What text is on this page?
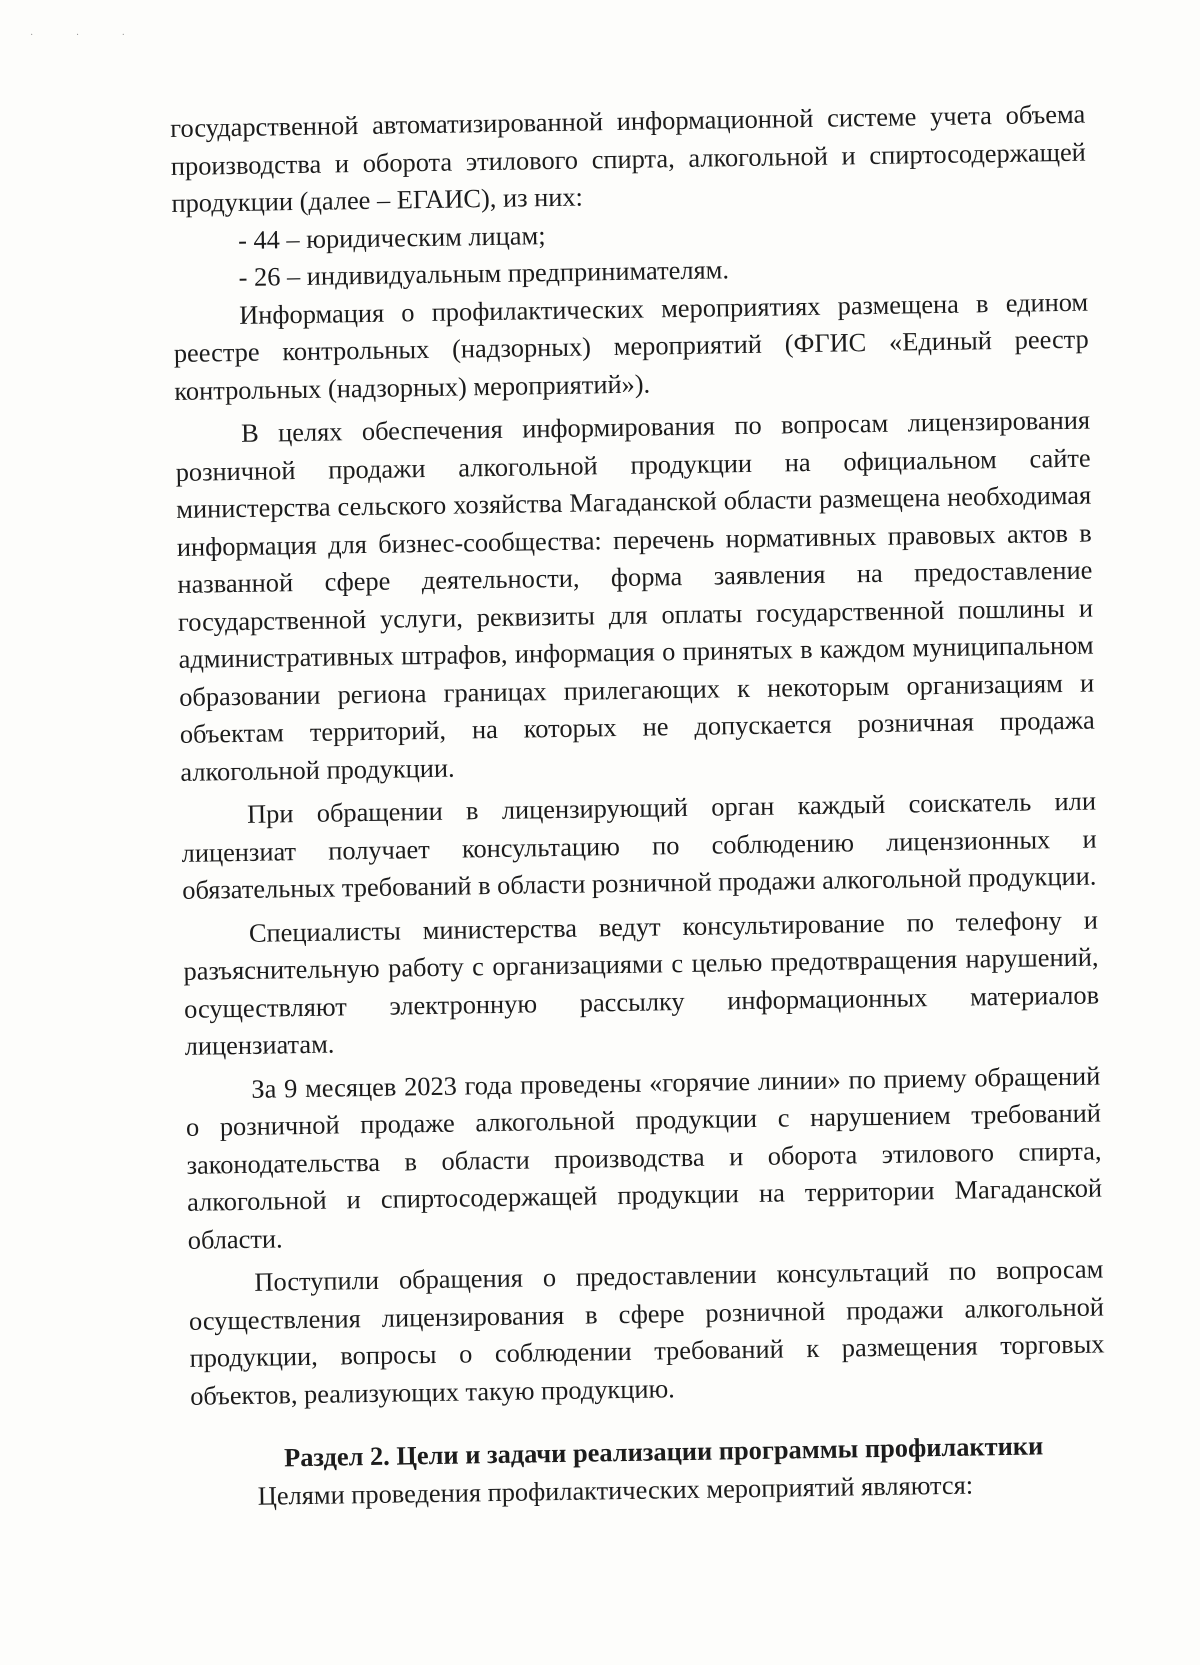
· · ·

государственной автоматизированной информационной системе учета объема производства и оборота этилового спирта, алкогольной и спиртосодержащей продукции (далее – ЕГАИС), из них:

- 44 – юридическим лицам;

- 26 – индивидуальным предпринимателям.

Информация о профилактических мероприятиях размещена в едином реестре контрольных (надзорных) мероприятий (ФГИС «Единый реестр контрольных (надзорных) мероприятий»).

В целях обеспечения информирования по вопросам лицензирования розничной продажи алкогольной продукции на официальном сайте министерства сельского хозяйства Магаданской области размещена необходимая информация для бизнес-сообщества: перечень нормативных правовых актов в названной сфере деятельности, форма заявления на предоставление государственной услуги, реквизиты для оплаты государственной пошлины и административных штрафов, информация о принятых в каждом муниципальном образовании региона границах прилегающих к некоторым организациям и объектам территорий, на которых не допускается розничная продажа алкогольной продукции.

При обращении в лицензирующий орган каждый соискатель или лицензиат получает консультацию по соблюдению лицензионных и обязательных требований в области розничной продажи алкогольной продукции.

Специалисты министерства ведут консультирование по телефону и разъяснительную работу с организациями с целью предотвращения нарушений, осуществляют электронную рассылку информационных материалов лицензиатам.

За 9 месяцев 2023 года проведены «горячие линии» по приему обращений о розничной продаже алкогольной продукции с нарушением требований законодательства в области производства и оборота этилового спирта, алкогольной и спиртосодержащей продукции на территории Магаданской области.

Поступили обращения о предоставлении консультаций по вопросам осуществления лицензирования в сфере розничной продажи алкогольной продукции, вопросы о соблюдении требований к размещения торговых объектов, реализующих такую продукцию.

Раздел 2. Цели и задачи реализации программы профилактики

Целями проведения профилактических мероприятий являются:
